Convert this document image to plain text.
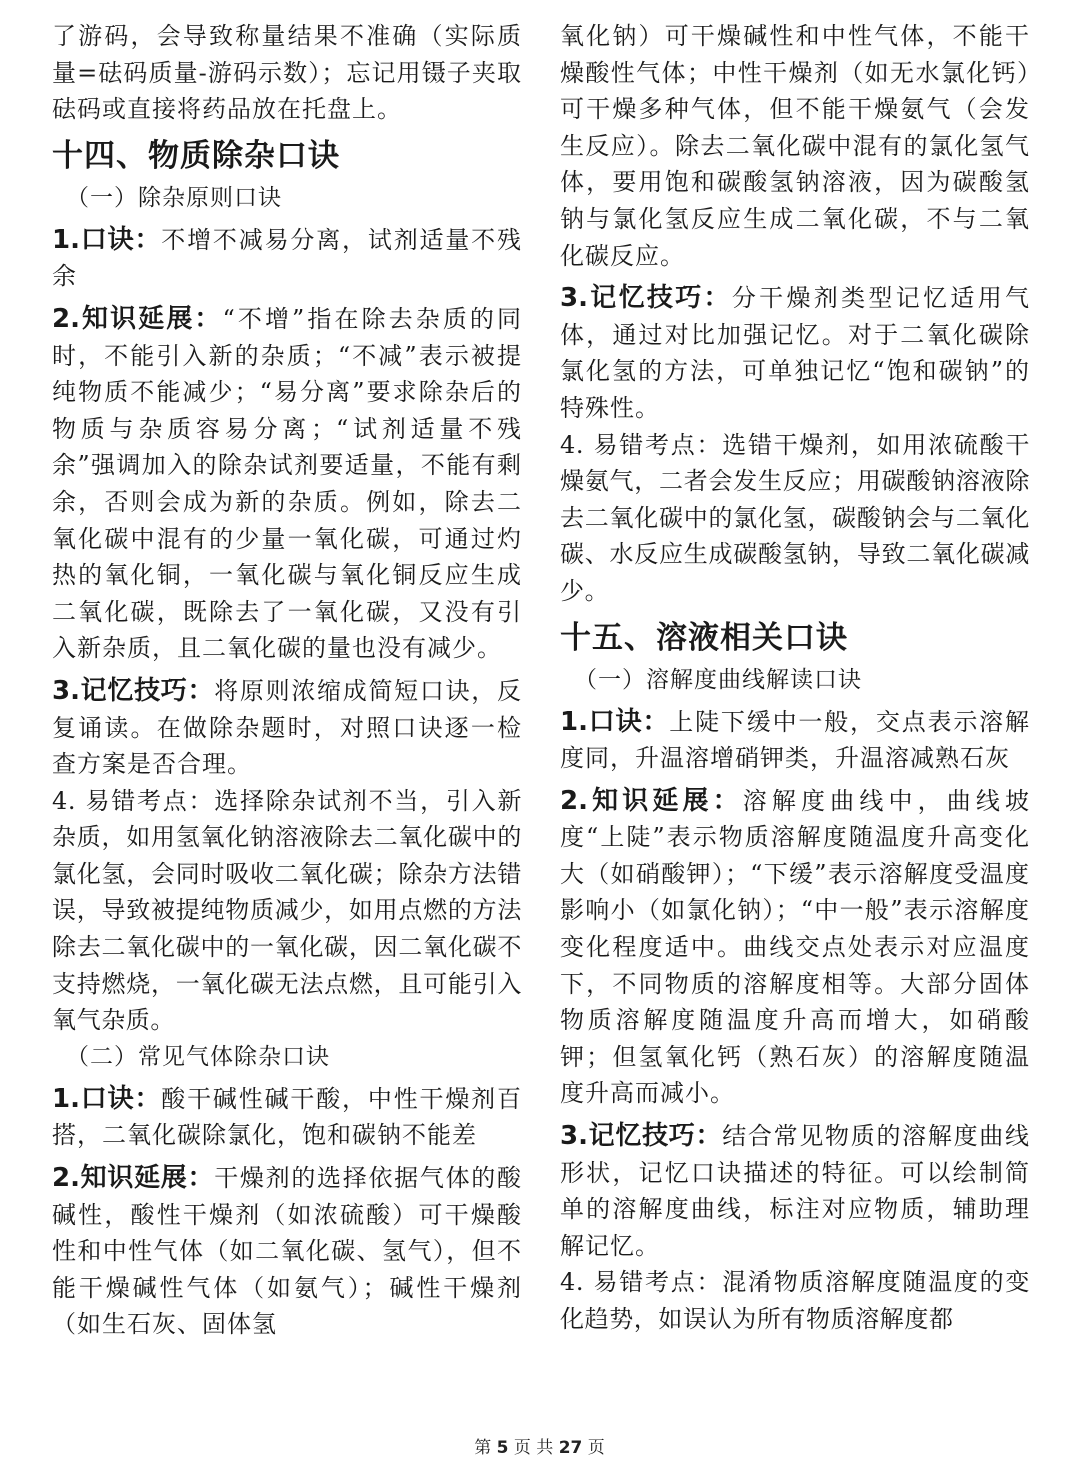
了游码，会导致称量结果不准确（实际质量=砝码质量-游码示数）；忘记用镊子夹取砝码或直接将药品放在托盘上。

十四、物质除杂口诀
（一）除杂原则口诀

1.口诀：不增不减易分离，试剂适量不残余

2.知识延展：“不增”指在除去杂质的同时，不能引入新的杂质；“不减”表示被提纯物质不能减少；“易分离”要求除杂后的物质与杂质容易分离；“试剂适量不残余”强调加入的除杂试剂要适量，不能有剩余，否则会成为新的杂质。例如，除去二氧化碳中混有的少量一氧化碳，可通过灼热的氧化铜，一氧化碳与氧化铜反应生成二氧化碳，既除去了一氧化碳，又没有引入新杂质，且二氧化碳的量也没有减少。

3.记忆技巧：将原则浓缩成简短口诀，反复诵读。在做除杂题时，对照口诀逐一检查方案是否合理。

4. 易错考点：选择除杂试剂不当，引入新杂质，如用氢氧化钠溶液除去二氧化碳中的氯化氢，会同时吸收二氧化碳；除杂方法错误，导致被提纯物质减少，如用点燃的方法除去二氧化碳中的一氧化碳，因二氧化碳不支持燃烧，一氧化碳无法点燃，且可能引入氧气杂质。

（二）常见气体除杂口诀

1.口诀：酸干碱性碱干酸，中性干燥剂百搭，二氧化碳除氯化，饱和碳钠不能差

2.知识延展：干燥剂的选择依据气体的酸碱性，酸性干燥剂（如浓硫酸）可干燥酸性和中性气体（如二氧化碳、氢气），但不能干燥碱性气体（如氨气）；碱性干燥剂（如生石灰、固体氢

氧化钠）可干燥碱性和中性气体，不能干燥酸性气体；中性干燥剂（如无水氯化钙）可干燥多种气体，但不能干燥氨气（会发生反应）。除去二氧化碳中混有的氯化氢气体，要用饱和碳酸氢钠溶液，因为碳酸氢钠与氯化氢反应生成二氧化碳，不与二氧化碳反应。

3.记忆技巧：分干燥剂类型记忆适用气体，通过对比加强记忆。对于二氧化碳除氯化氢的方法，可单独记忆“饱和碳钠”的特殊性。

4. 易错考点：选错干燥剂，如用浓硫酸干燥氨气，二者会发生反应；用碳酸钠溶液除去二氧化碳中的氯化氢，碳酸钠会与二氧化碳、水反应生成碳酸氢钠，导致二氧化碳减少。

十五、溶液相关口诀
（一）溶解度曲线解读口诀

1.口诀：上陡下缓中一般，交点表示溶解度同，升温溶增硝钾类，升温溶减熟石灰

2.知识延展：溶解度曲线中，曲线坡度“上陡”表示物质溶解度随温度升高变化大（如硝酸钾）；“下缓”表示溶解度受温度影响小（如氯化钠）；“中一般”表示溶解度变化程度适中。曲线交点处表示对应温度下，不同物质的溶解度相等。大部分固体物质溶解度随温度升高而增大，如硝酸钾；但氢氧化钙（熟石灰）的溶解度随温度升高而减小。

3.记忆技巧：结合常见物质的溶解度曲线形状，记忆口诀描述的特征。可以绘制简单的溶解度曲线，标注对应物质，辅助理解记忆。

4. 易错考点：混淆物质溶解度随温度的变化趋势，如误认为所有物质溶解度都

第 5 页 共 27 页
